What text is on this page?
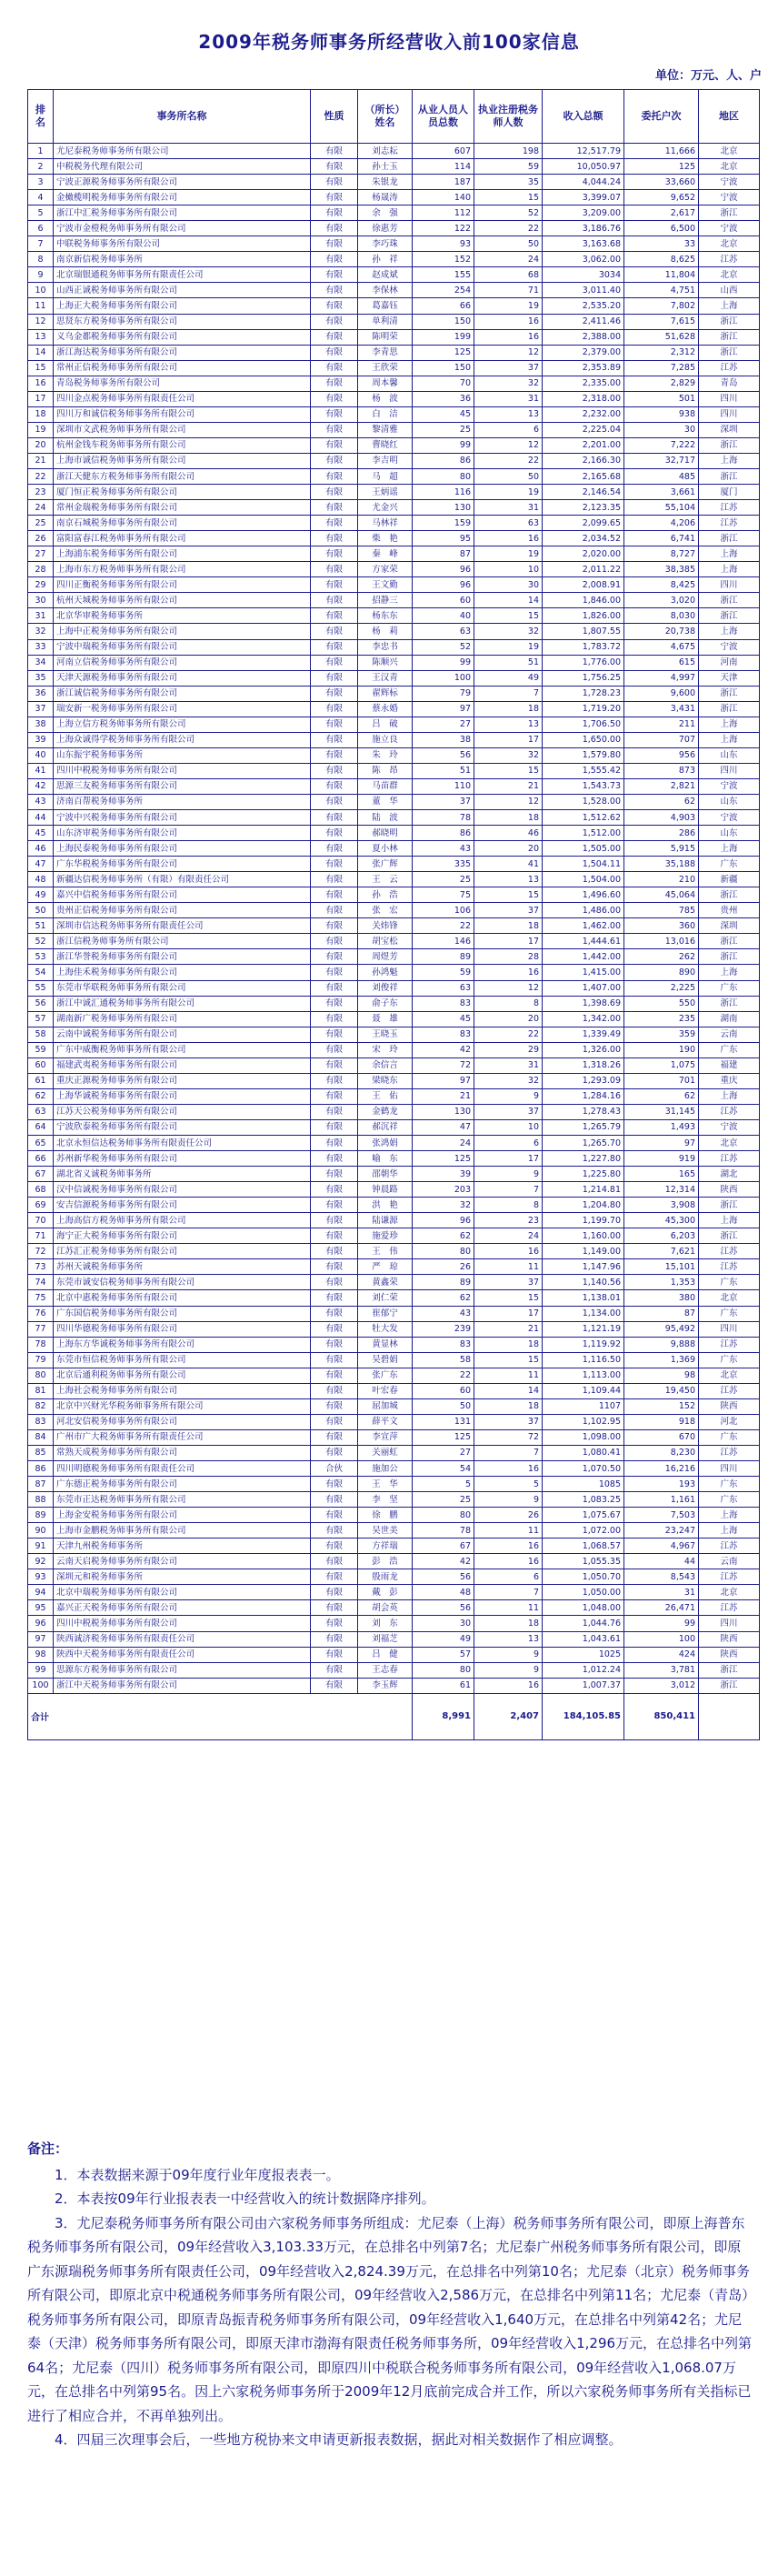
2009年税务师事务所经营收入前100家信息
单位：万元、人、户
排名	事务所名称	性质	（所长）姓名	从业人员人员总数	执业注册税务师人数	收入总额	委托户次	地区
1	尤尼泰税务师事务所有限公司	有限	刘志耘	607	198	12,517.79	11,666	北京
2	中税税务代理有限公司	有限	孙士玉	114	59	10,050.97	125	北京
3	宁波正源税务师事务所有限公司	有限	朱银龙	187	35	4,044.24	33,660	宁波
4	金橄榄明税务师事务所有限公司	有限	杨晟涛	140	15	3,399.07	9,652	宁波
5	浙江中汇税务师事务所有限公司	有限	余　强	112	52	3,209.00	2,617	浙江
6	宁波市金橙税务师事务所有限公司	有限	徐惠芳	122	22	3,186.76	6,500	宁波
7	中联税务师事务所有限公司	有限	李巧珠	93	50	3,163.68	33	北京
8	南京新信税务师事务所	有限	孙　祥	152	24	3,062.00	8,625	江苏
9	北京瑞银通税务师事务所有限责任公司	有限	赵成斌	155	68	3034	11,804	北京
10	山西正诚税务师事务所有限公司	有限	李保林	254	71	3,011.40	4,751	山西
11	上海正大税务师事务所有限公司	有限	葛嘉钰	66	19	2,535.20	7,802	上海
12	思贤东方税务师事务所有限公司	有限	单利清	150	16	2,411.46	7,615	浙江
13	义乌金都税务师事务所有限公司	有限	陈明荣	199	16	2,388.00	51,628	浙江
14	浙江海达税务师事务所有限公司	有限	李青思	125	12	2,379.00	2,312	浙江
15	常州正信税务师事务所有限公司	有限	王欣荣	150	37	2,353.89	7,285	江苏
16	青岛税务师事务所有限公司	有限	周本馨	70	32	2,335.00	2,829	青岛
17	四川金点税务师事务所有限责任公司	有限	杨　波	36	31	2,318.00	501	四川
18	四川万和诚信税务师事务所有限公司	有限	白　洁	45	13	2,232.00	938	四川
19	深圳市文武税务师事务所有限公司	有限	黎清雅	25	6	2,225.04	30	深圳
20	杭州金钱车税务师事务所有限公司	有限	曹晓红	99	12	2,201.00	7,222	浙江
21	上海市诚信税务师事务所有限公司	有限	李吉明	86	22	2,166.30	32,717	上海
22	浙江天健东方税务师事务所有限公司	有限	马　超	80	50	2,165.68	485	浙江
23	厦门恒正税务师事务所有限公司	有限	王炳谣	116	19	2,146.54	3,661	厦门
24	常州金瑞税务师事务所有限公司	有限	尤金兴	130	31	2,123.35	55,104	江苏
25	南京石城税务师事务所有限公司	有限	马林祥	159	63	2,099.65	4,206	江苏
26	富阳富春江税务师事务所有限公司	有限	柴　艳	95	16	2,034.52	6,741	浙江
27	上海浦东税务师事务所有限公司	有限	秦　峰	87	19	2,020.00	8,727	上海
28	上海市东方税务师事务所有限公司	有限	方家荣	96	10	2,011.22	38,385	上海
29	四川正衡税务师事务所有限公司	有限	王文勤	96	30	2,008.91	8,425	四川
30	杭州天城税务师事务所有限公司	有限	招静三	60	14	1,846.00	3,020	浙江
31	北京华审税务师事务所	有限	杨东东	40	15	1,826.00	8,030	浙江
32	上海中正税务师事务所有限公司	有限	杨　莉	63	32	1,807.55	20,738	上海
33	宁波中瑞税务师事务所有限公司	有限	李忠书	52	19	1,783.72	4,675	宁波
34	河南立信税务师事务所有限公司	有限	陈顺兴	99	51	1,776.00	615	河南
35	天津天源税务师事务所有限公司	有限	王汉青	100	49	1,756.25	4,997	天津
36	浙江诚信税务师事务所有限公司	有限	翟辉标	79	7	1,728.23	9,600	浙江
37	瑞安新一税务师事务所有限公司	有限	蔡永婚	97	18	1,719.20	3,431	浙江
38	上海立信方税务师事务所有限公司	有限	吕　破	27	13	1,706.50	211	上海
39	上海众诚得学税务师事务所有限公司	有限	施立良	38	17	1,650.00	707	上海
40	山东振宇税务师事务所	有限	朱　玲	56	32	1,579.80	956	山东
41	四川中税税务师事务所有限公司	有限	陈　昂	51	15	1,555.42	873	四川
42	思源三友税务师事务所有限公司	有限	马苗群	110	21	1,543.73	2,821	宁波
43	济南百帮税务师事务所	有限	董　华	37	12	1,528.00	62	山东
44	宁波中兴税务师事务所有限公司	有限	陆　波	78	18	1,512.62	4,903	宁波
45	山东济审税务师事务所有限公司	有限	郝晓明	86	46	1,512.00	286	山东
46	上海民泰税务师事务所有限公司	有限	夏小林	43	20	1,505.00	5,915	上海
47	广东华税税务师事务所有限公司	有限	张广辉	335	41	1,504.11	35,188	广东
48	新疆达信税务师事务所（有限）有限责任公司	有限	王　云	25	13	1,504.00	210	新疆
49	嘉兴中信税务师事务所有限公司	有限	孙　浩	75	15	1,496.60	45,064	浙江
50	贵州正信税务师事务所有限公司	有限	张　宏	106	37	1,486.00	785	贵州
51	深圳市信达税务师事务所有限责任公司	有限	关炜锋	22	18	1,462.00	360	深圳
52	浙江信税务师事务所有限公司	有限	胡宝松	146	17	1,444.61	13,016	浙江
53	浙江华誉税务师事务所有限公司	有限	周煜芳	89	28	1,442.00	262	浙江
54	上海佳禾税务师事务所有限公司	有限	孙鸿魁	59	16	1,415.00	890	上海
55	东莞市华联税务师事务所有限公司	有限	刘俊祥	63	12	1,407.00	2,225	广东
56	浙江中诚汇通税务师事务所有限公司	有限	俞子东	83	8	1,398.69	550	浙江
57	湖南新广税务师事务所有限公司	有限	聂　雄	45	20	1,342.00	235	湖南
58	云南中诚税务师事务所有限公司	有限	王晓玉	83	22	1,339.49	359	云南
59	广东中威衡税务师事务所有限公司	有限	宋　玲	42	29	1,326.00	190	广东
60	福建武夷税务师事务所有限公司	有限	余信言	72	31	1,318.26	1,075	福建
61	重庆正源税务师事务所有限公司	有限	梁晓东	97	32	1,293.09	701	重庆
62	上海华诚税务师事务所有限公司	有限	王　佑	21	9	1,284.16	62	上海
63	江苏天公税务师事务所有限公司	有限	金鹤龙	130	37	1,278.43	31,145	江苏
64	宁波欣泰税务师事务所有限公司	有限	郝沉祥	47	10	1,265.79	1,493	宁波
65	北京永恒信达税务师事务所有限责任公司	有限	张鸿娟	24	6	1,265.70	97	北京
66	苏州新华税务师事务所有限公司	有限	喻　东	125	17	1,227.80	919	江苏
67	湖北省义诚税务师事务所	有限	邵朝华	39	9	1,225.80	165	湖北
68	汉中信诚税务师事务所有限公司	有限	钟晨路	203	7	1,214.81	12,314	陕西
69	安吉信源税务师事务所有限公司	有限	洪　艳	32	8	1,204.80	3,908	浙江
70	上海高信方税务师事务所有限公司	有限	陆谦源	96	23	1,199.70	45,300	上海
71	海宁正大税务师事务所有限公司	有限	施爱珍	62	24	1,160.00	6,203	浙江
72	江苏汇正税务师事务所有限公司	有限	王　伟	80	16	1,149.00	7,621	江苏
73	苏州天诚税务师事务所	有限	严　琼	26	11	1,147.96	15,101	江苏
74	东莞市诚安信税务师事务所有限公司	有限	黄鑫荣	89	37	1,140.56	1,353	广东
75	北京中惠税务师事务所有限公司	有限	刘仁荣	62	15	1,138.01	380	北京
76	广东国信税务师事务所有限公司	有限	崔郁宁	43	17	1,134.00	87	广东
77	四川华德税务师事务所有限公司	有限	牡大发	239	21	1,121.19	95,492	四川
78	上海东方华诚税务师事务所有限公司	有限	黄显林	83	18	1,119.92	9,888	江苏
79	东莞市恒信税务师事务所有限公司	有限	吴碧娟	58	15	1,116.50	1,369	广东
80	北京后通利税务师事务所有限公司	有限	张广东	22	11	1,113.00	98	北京
81	上海社会税务师事务所有限公司	有限	叶宏春	60	14	1,109.44	19,450	江苏
82	北京中兴财光华税务师事务所有限公司	有限	屈加城	50	18	1107	152	陕西
83	河北安信税务师事务所有限公司	有限	薛平文	131	37	1,102.95	918	河北
84	广州市广大税务师事务所有限责任公司	有限	李宣萍	125	72	1,098.00	670	广东
85	常熟天成税务师事务所有限公司	有限	关丽虹	27	7	1,080.41	8,230	江苏
86	四川明德税务师事务所有限责任公司	合伙	施加公	54	16	1,070.50	16,216	四川
87	广东德正税务师事务所有限公司	有限	王　华	5	5	1085	193	广东
88	东莞市正达税务师事务所有限公司	有限	李　坚	25	9	1,083.25	1,161	广东
89	上海金安税务师事务所有限公司	有限	徐　鹏	80	26	1,075.67	7,503	上海
90	上海市金鹏税务师事务所有限公司	有限	吴世美	78	11	1,072.00	23,247	上海
91	天津九州税务师事务所	有限	方祥瑞	67	16	1,068.57	4,967	江苏
92	云南天启税务师事务所有限公司	有限	彭　浩	42	16	1,055.35	44	云南
93	深圳元和税务师事务所	有限	殷雨龙	56	6	1,050.70	8,543	江苏
94	北京中瑞税务师事务所有限公司	有限	戴　彭	48	7	1,050.00	31	北京
95	嘉兴正天税务师事务所有限公司	有限	胡会英	56	11	1,048.00	26,471	江苏
96	四川中税税务师事务所有限公司	有限	刘　东	30	18	1,044.76	99	四川
97	陕西诚济税务师事务所有限责任公司	有限	刘福芝	49	13	1,043.61	100	陕西
98	陕西中天税务师事务所有限责任公司	有限	吕　健	57	9	1025	424	陕西
99	思源东方税务师事务所有限公司	有限	王志春	80	9	1,012.24	3,781	浙江
100	浙江中天税务师事务所有限公司	有限	李玉辉	61	16	1,007.37	3,012	浙江
合计				8,991	2,407	184,105.85	850,411	
备注：

1．本表数据来源于09年度行业年度报表表一。

2．本表按09年行业报表表一中经营收入的统计数据降序排列。

3．尤尼泰税务师事务所有限公司由六家税务师事务所组成：尤尼泰（上海）税务师事务所有限公司，即原上海普东税务师事务所有限公司，09年经营收入3,103.33万元，在总排名中列第7名；尤尼泰广州税务师事务所有限公司，即原广东源瑞税务师事务所有限责任公司，09年经营收入2,824.39万元，在总排名中列第10名；尤尼泰（北京）税务师事务所有限公司，即原北京中税通税务师事务所有限公司，09年经营收入2,586万元，在总排名中列第11名；尤尼泰（青岛）税务师事务所有限公司，即原青岛振青税务师事务所有限公司，09年经营收入1,640万元，在总排名中列第42名；尤尼泰（天津）税务师事务所有限公司，即原天津市渤海有限责任税务师事务所，09年经营收入1,296万元，在总排名中列第64名；尤尼泰（四川）税务师事务所有限公司，即原四川中税联合税务师事务所有限公司，09年经营收入1,068.07万元，在总排名中列第95名。因上六家税务师事务所于2009年12月底前完成合并工作，所以六家税务师事务所有关指标已进行了相应合并，不再单独列出。

4．四届三次理事会后，一些地方税协来文申请更新报表数据，据此对相关数据作了相应调整。
